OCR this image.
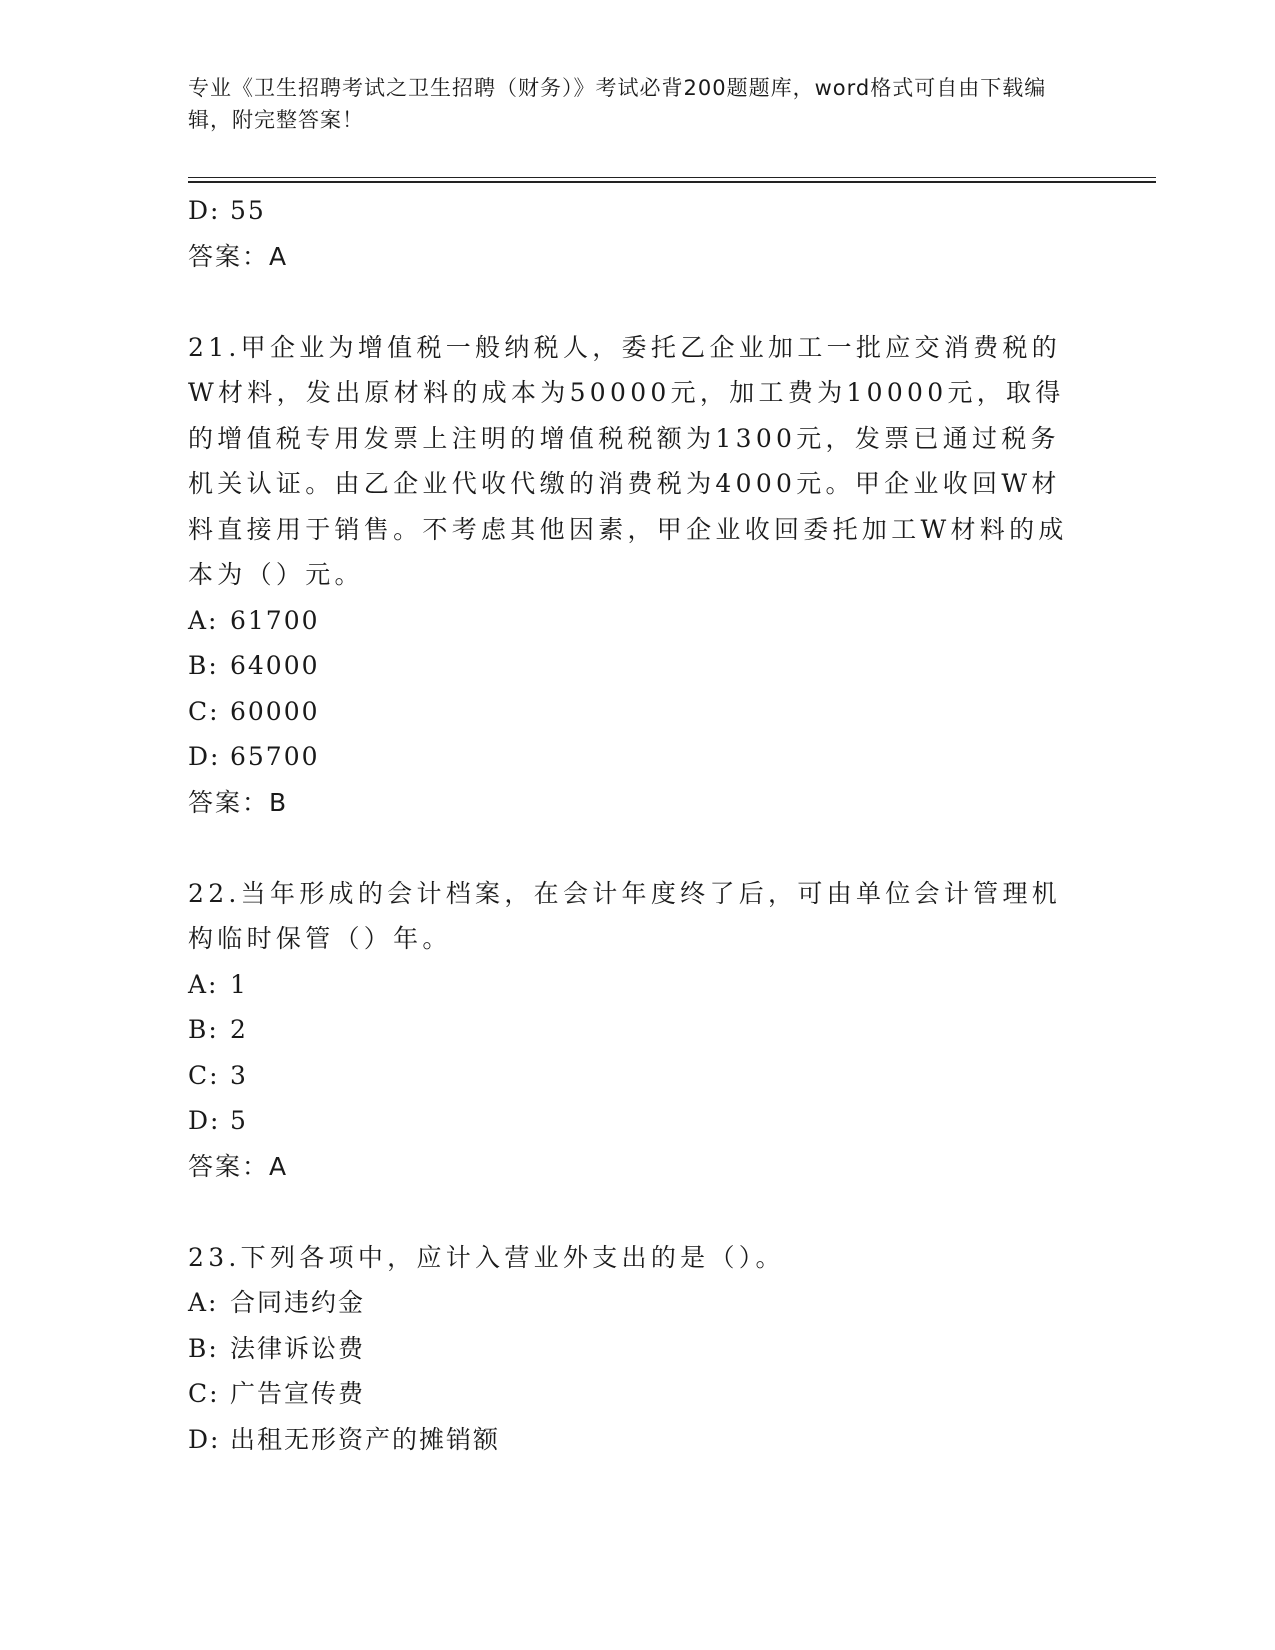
专业《卫生招聘考试之卫生招聘（财务）》考试必背200题题库，word格式可自由下载编辑，附完整答案！
D: 55
答案：A
21.甲企业为增值税一般纳税人，委托乙企业加工一批应交消费税的W材料，发出原材料的成本为50000元，加工费为10000元，取得的增值税专用发票上注明的增值税税额为1300元，发票已通过税务机关认证。由乙企业代收代缴的消费税为4000元。甲企业收回W材料直接用于销售。不考虑其他因素，甲企业收回委托加工W材料的成本为（）元。
A: 61700
B: 64000
C: 60000
D: 65700
答案：B
22.当年形成的会计档案，在会计年度终了后，可由单位会计管理机构临时保管（）年。
A: 1
B: 2
C: 3
D: 5
答案：A
23.下列各项中，应计入营业外支出的是（）。
A: 合同违约金
B: 法律诉讼费
C: 广告宣传费
D: 出租无形资产的摊销额
